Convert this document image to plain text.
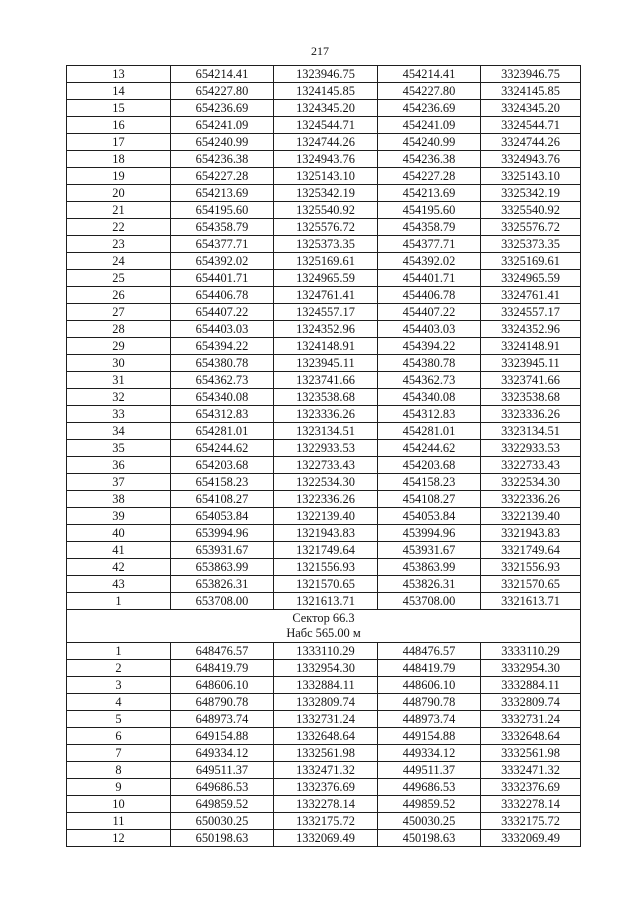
217
13	654214.41	1323946.75	454214.41	3323946.75
14	654227.80	1324145.85	454227.80	3324145.85
15	654236.69	1324345.20	454236.69	3324345.20
16	654241.09	1324544.71	454241.09	3324544.71
17	654240.99	1324744.26	454240.99	3324744.26
18	654236.38	1324943.76	454236.38	3324943.76
19	654227.28	1325143.10	454227.28	3325143.10
20	654213.69	1325342.19	454213.69	3325342.19
21	654195.60	1325540.92	454195.60	3325540.92
22	654358.79	1325576.72	454358.79	3325576.72
23	654377.71	1325373.35	454377.71	3325373.35
24	654392.02	1325169.61	454392.02	3325169.61
25	654401.71	1324965.59	454401.71	3324965.59
26	654406.78	1324761.41	454406.78	3324761.41
27	654407.22	1324557.17	454407.22	3324557.17
28	654403.03	1324352.96	454403.03	3324352.96
29	654394.22	1324148.91	454394.22	3324148.91
30	654380.78	1323945.11	454380.78	3323945.11
31	654362.73	1323741.66	454362.73	3323741.66
32	654340.08	1323538.68	454340.08	3323538.68
33	654312.83	1323336.26	454312.83	3323336.26
34	654281.01	1323134.51	454281.01	3323134.51
35	654244.62	1322933.53	454244.62	3322933.53
36	654203.68	1322733.43	454203.68	3322733.43
37	654158.23	1322534.30	454158.23	3322534.30
38	654108.27	1322336.26	454108.27	3322336.26
39	654053.84	1322139.40	454053.84	3322139.40
40	653994.96	1321943.83	453994.96	3321943.83
41	653931.67	1321749.64	453931.67	3321749.64
42	653863.99	1321556.93	453863.99	3321556.93
43	653826.31	1321570.65	453826.31	3321570.65
1	653708.00	1321613.71	453708.00	3321613.71

Сектор 66.3
Набс 565.00 м				

1	648476.57	1333110.29	448476.57	3333110.29
2	648419.79	1332954.30	448419.79	3332954.30
3	648606.10	1332884.11	448606.10	3332884.11
4	648790.78	1332809.74	448790.78	3332809.74
5	648973.74	1332731.24	448973.74	3332731.24
6	649154.88	1332648.64	449154.88	3332648.64
7	649334.12	1332561.98	449334.12	3332561.98
8	649511.37	1332471.32	449511.37	3332471.32
9	649686.53	1332376.69	449686.53	3332376.69
10	649859.52	1332278.14	449859.52	3332278.14
11	650030.25	1332175.72	450030.25	3332175.72
12	650198.63	1332069.49	450198.63	3332069.49
